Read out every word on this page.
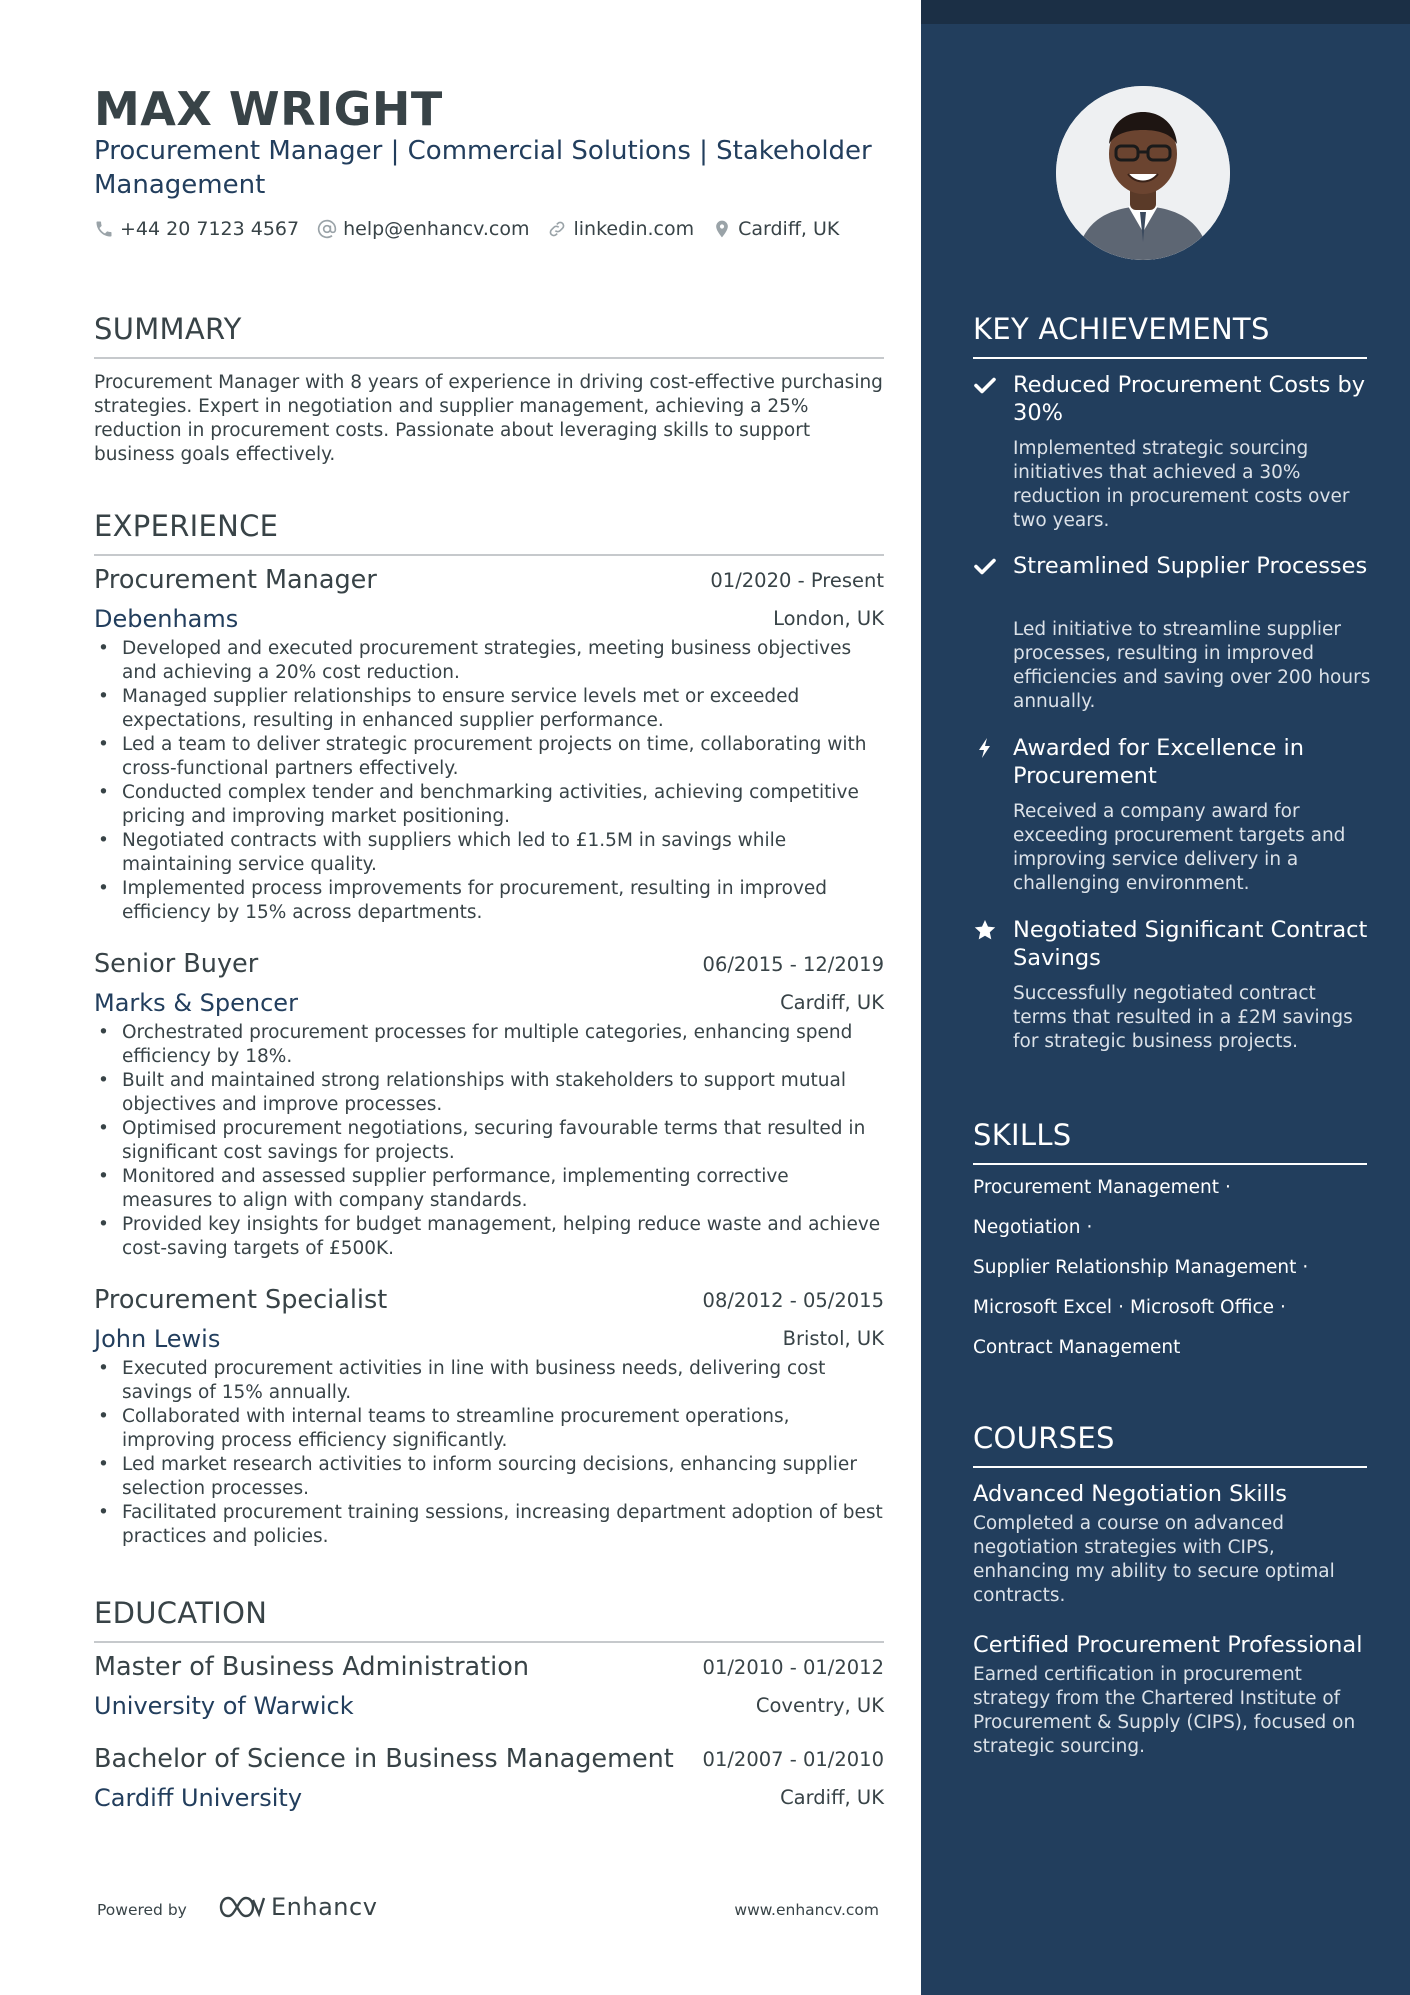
MAX WRIGHT
Procurement Manager | Commercial Solutions | Stakeholder Management
+44 20 7123 4567 help@enhancv.com linkedin.com Cardiff, UK
SUMMARY
Procurement Manager with 8 years of experience in driving cost-effective purchasing strategies. Expert in negotiation and supplier management, achieving a 25% reduction in procurement costs. Passionate about leveraging skills to support business goals effectively.
EXPERIENCE
Procurement Manager	01/2020 - Present
Debenhams	London, UK
• Developed and executed procurement strategies, meeting business objectives and achieving a 20% cost reduction.
• Managed supplier relationships to ensure service levels met or exceeded expectations, resulting in enhanced supplier performance.
• Led a team to deliver strategic procurement projects on time, collaborating with cross-functional partners effectively.
• Conducted complex tender and benchmarking activities, achieving competitive pricing and improving market positioning.
• Negotiated contracts with suppliers which led to £1.5M in savings while maintaining service quality.
• Implemented process improvements for procurement, resulting in improved efficiency by 15% across departments.
Senior Buyer	06/2015 - 12/2019
Marks & Spencer	Cardiff, UK
• Orchestrated procurement processes for multiple categories, enhancing spend efficiency by 18%.
• Built and maintained strong relationships with stakeholders to support mutual objectives and improve processes.
• Optimised procurement negotiations, securing favourable terms that resulted in significant cost savings for projects.
• Monitored and assessed supplier performance, implementing corrective measures to align with company standards.
• Provided key insights for budget management, helping reduce waste and achieve cost-saving targets of £500K.
Procurement Specialist	08/2012 - 05/2015
John Lewis	Bristol, UK
• Executed procurement activities in line with business needs, delivering cost savings of 15% annually.
• Collaborated with internal teams to streamline procurement operations, improving process efficiency significantly.
• Led market research activities to inform sourcing decisions, enhancing supplier selection processes.
• Facilitated procurement training sessions, increasing department adoption of best practices and policies.
EDUCATION
Master of Business Administration	01/2010 - 01/2012
University of Warwick	Coventry, UK
Bachelor of Science in Business Management 01/2007 - 01/2010
Cardiff University	Cardiff, UK
Powered by	Enhancv	www.enhancv.com
KEY ACHIEVEMENTS
Reduced Procurement Costs by 30%
Implemented strategic sourcing initiatives that achieved a 30% reduction in procurement costs over two years.
Streamlined Supplier Processes
Led initiative to streamline supplier processes, resulting in improved efficiencies and saving over 200 hours annually.
Awarded for Excellence in Procurement
Received a company award for exceeding procurement targets and improving service delivery in a challenging environment.
Negotiated Significant Contract Savings
Successfully negotiated contract terms that resulted in a £2M savings for strategic business projects.
SKILLS
Procurement Management ·
Negotiation ·
Supplier Relationship Management ·
Microsoft Excel · Microsoft Office ·
Contract Management
COURSES
Advanced Negotiation Skills
Completed a course on advanced negotiation strategies with CIPS, enhancing my ability to secure optimal contracts.
Certified Procurement Professional
Earned certification in procurement strategy from the Chartered Institute of Procurement & Supply (CIPS), focused on strategic sourcing.
